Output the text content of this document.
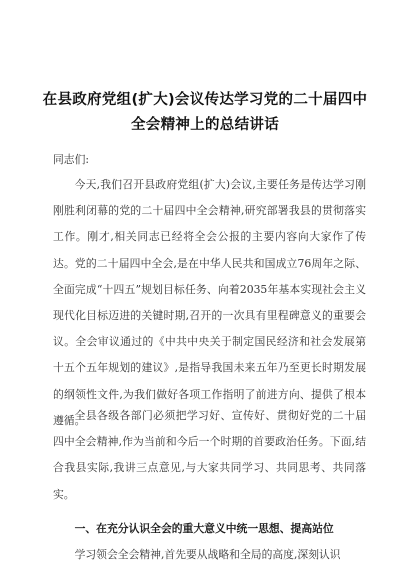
在县政府党组(扩大)会议传达学习党的二十届四中全会精神上的总结讲话
同志们:

今天,我们召开县政府党组(扩大)会议,主要任务是传达学习刚刚胜利闭幕的党的二十届四中全会精神,研究部署我县的贯彻落实工作。刚才,相关同志已经将全会公报的主要内容向大家作了传达。党的二十届四中全会,是在中华人民共和国成立76周年之际、全面完成“十四五”规划目标任务、向着2035年基本实现社会主义现代化目标迈进的关键时期,召开的一次具有里程碑意义的重要会议。全会审议通过的《中共中央关于制定国民经济和社会发展第十五个五年规划的建议》,是指导我国未来五年乃至更长时期发展的纲领性文件,为我们做好各项工作指明了前进方向、提供了根本遵循。

全县各级各部门必须把学习好、宣传好、贯彻好党的二十届四中全会精神,作为当前和今后一个时期的首要政治任务。下面,结合我县实际,我讲三点意见,与大家共同学习、共同思考、共同落实。

一、在充分认识全会的重大意义中统一思想、提高站位

学习领会全会精神,首先要从战略和全局的高度,深刻认识
